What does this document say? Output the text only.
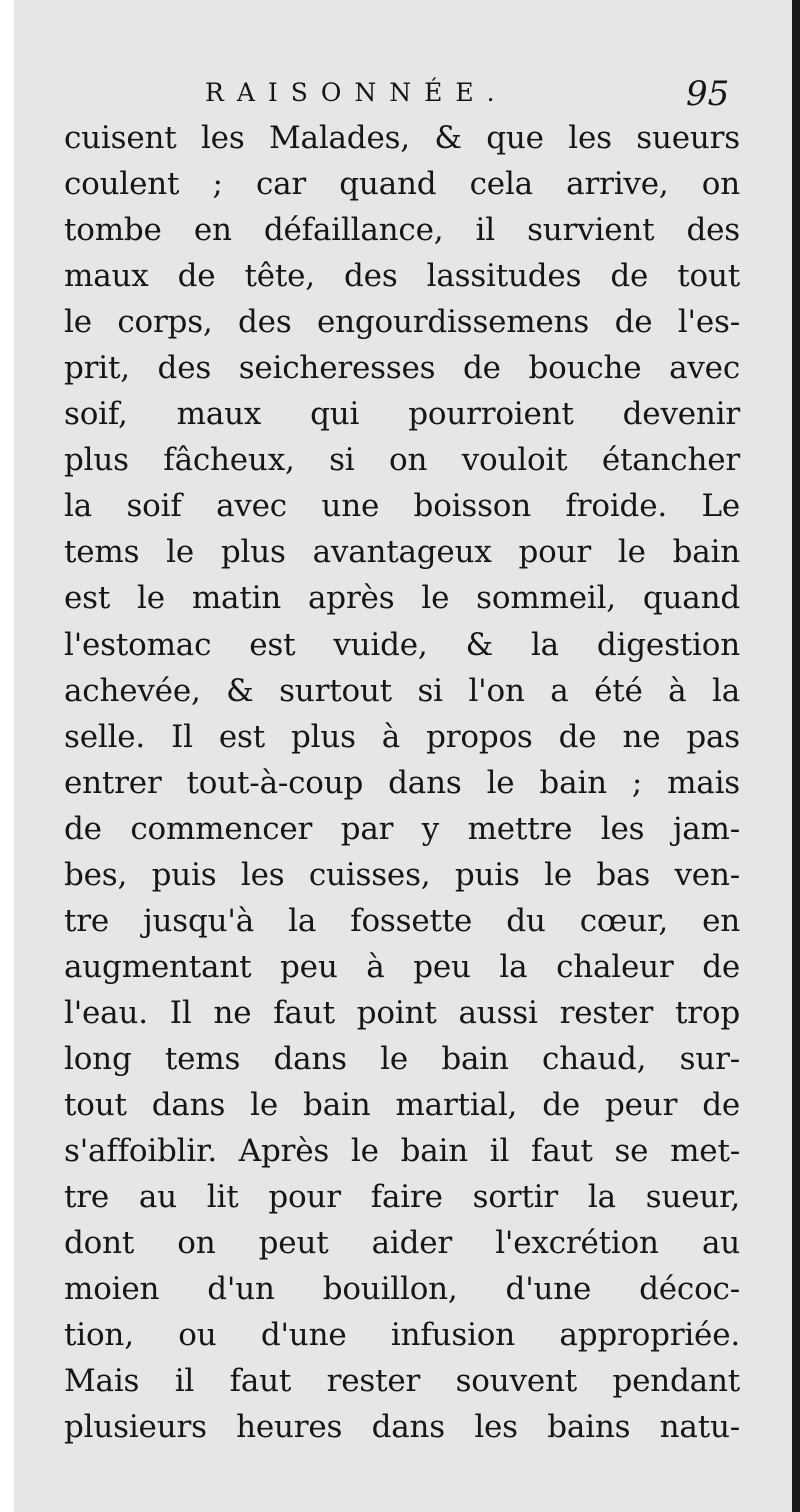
RAISONNÉE.	95
cuisent les Malades, & que les sueurs
coulent ; car quand cela arrive, on
tombe en défaillance, il survient des
maux de tête, des lassitudes de tout
le corps, des engourdissemens de l'es-
prit, des seicheresses de bouche avec
soif, maux qui pourroient devenir
plus fâcheux, si on vouloit étancher
la soif avec une boisson froide. Le
tems le plus avantageux pour le bain
est le matin après le sommeil, quand
l'estomac est vuide, & la digestion
achevée, & surtout si l'on a été à la
selle. Il est plus à propos de ne pas
entrer tout-à-coup dans le bain ; mais
de commencer par y mettre les jam-
bes, puis les cuisses, puis le bas ven-
tre jusqu'à la fossette du cœur, en
augmentant peu à peu la chaleur de
l'eau. Il ne faut point aussi rester trop
long tems dans le bain chaud, sur-
tout dans le bain martial, de peur de
s'affoiblir. Après le bain il faut se met-
tre au lit pour faire sortir la sueur,
dont on peut aider l'excrétion au
moien d'un bouillon, d'une décoc-
tion, ou d'une infusion appropriée.
Mais il faut rester souvent pendant
plusieurs heures dans les bains natu-
